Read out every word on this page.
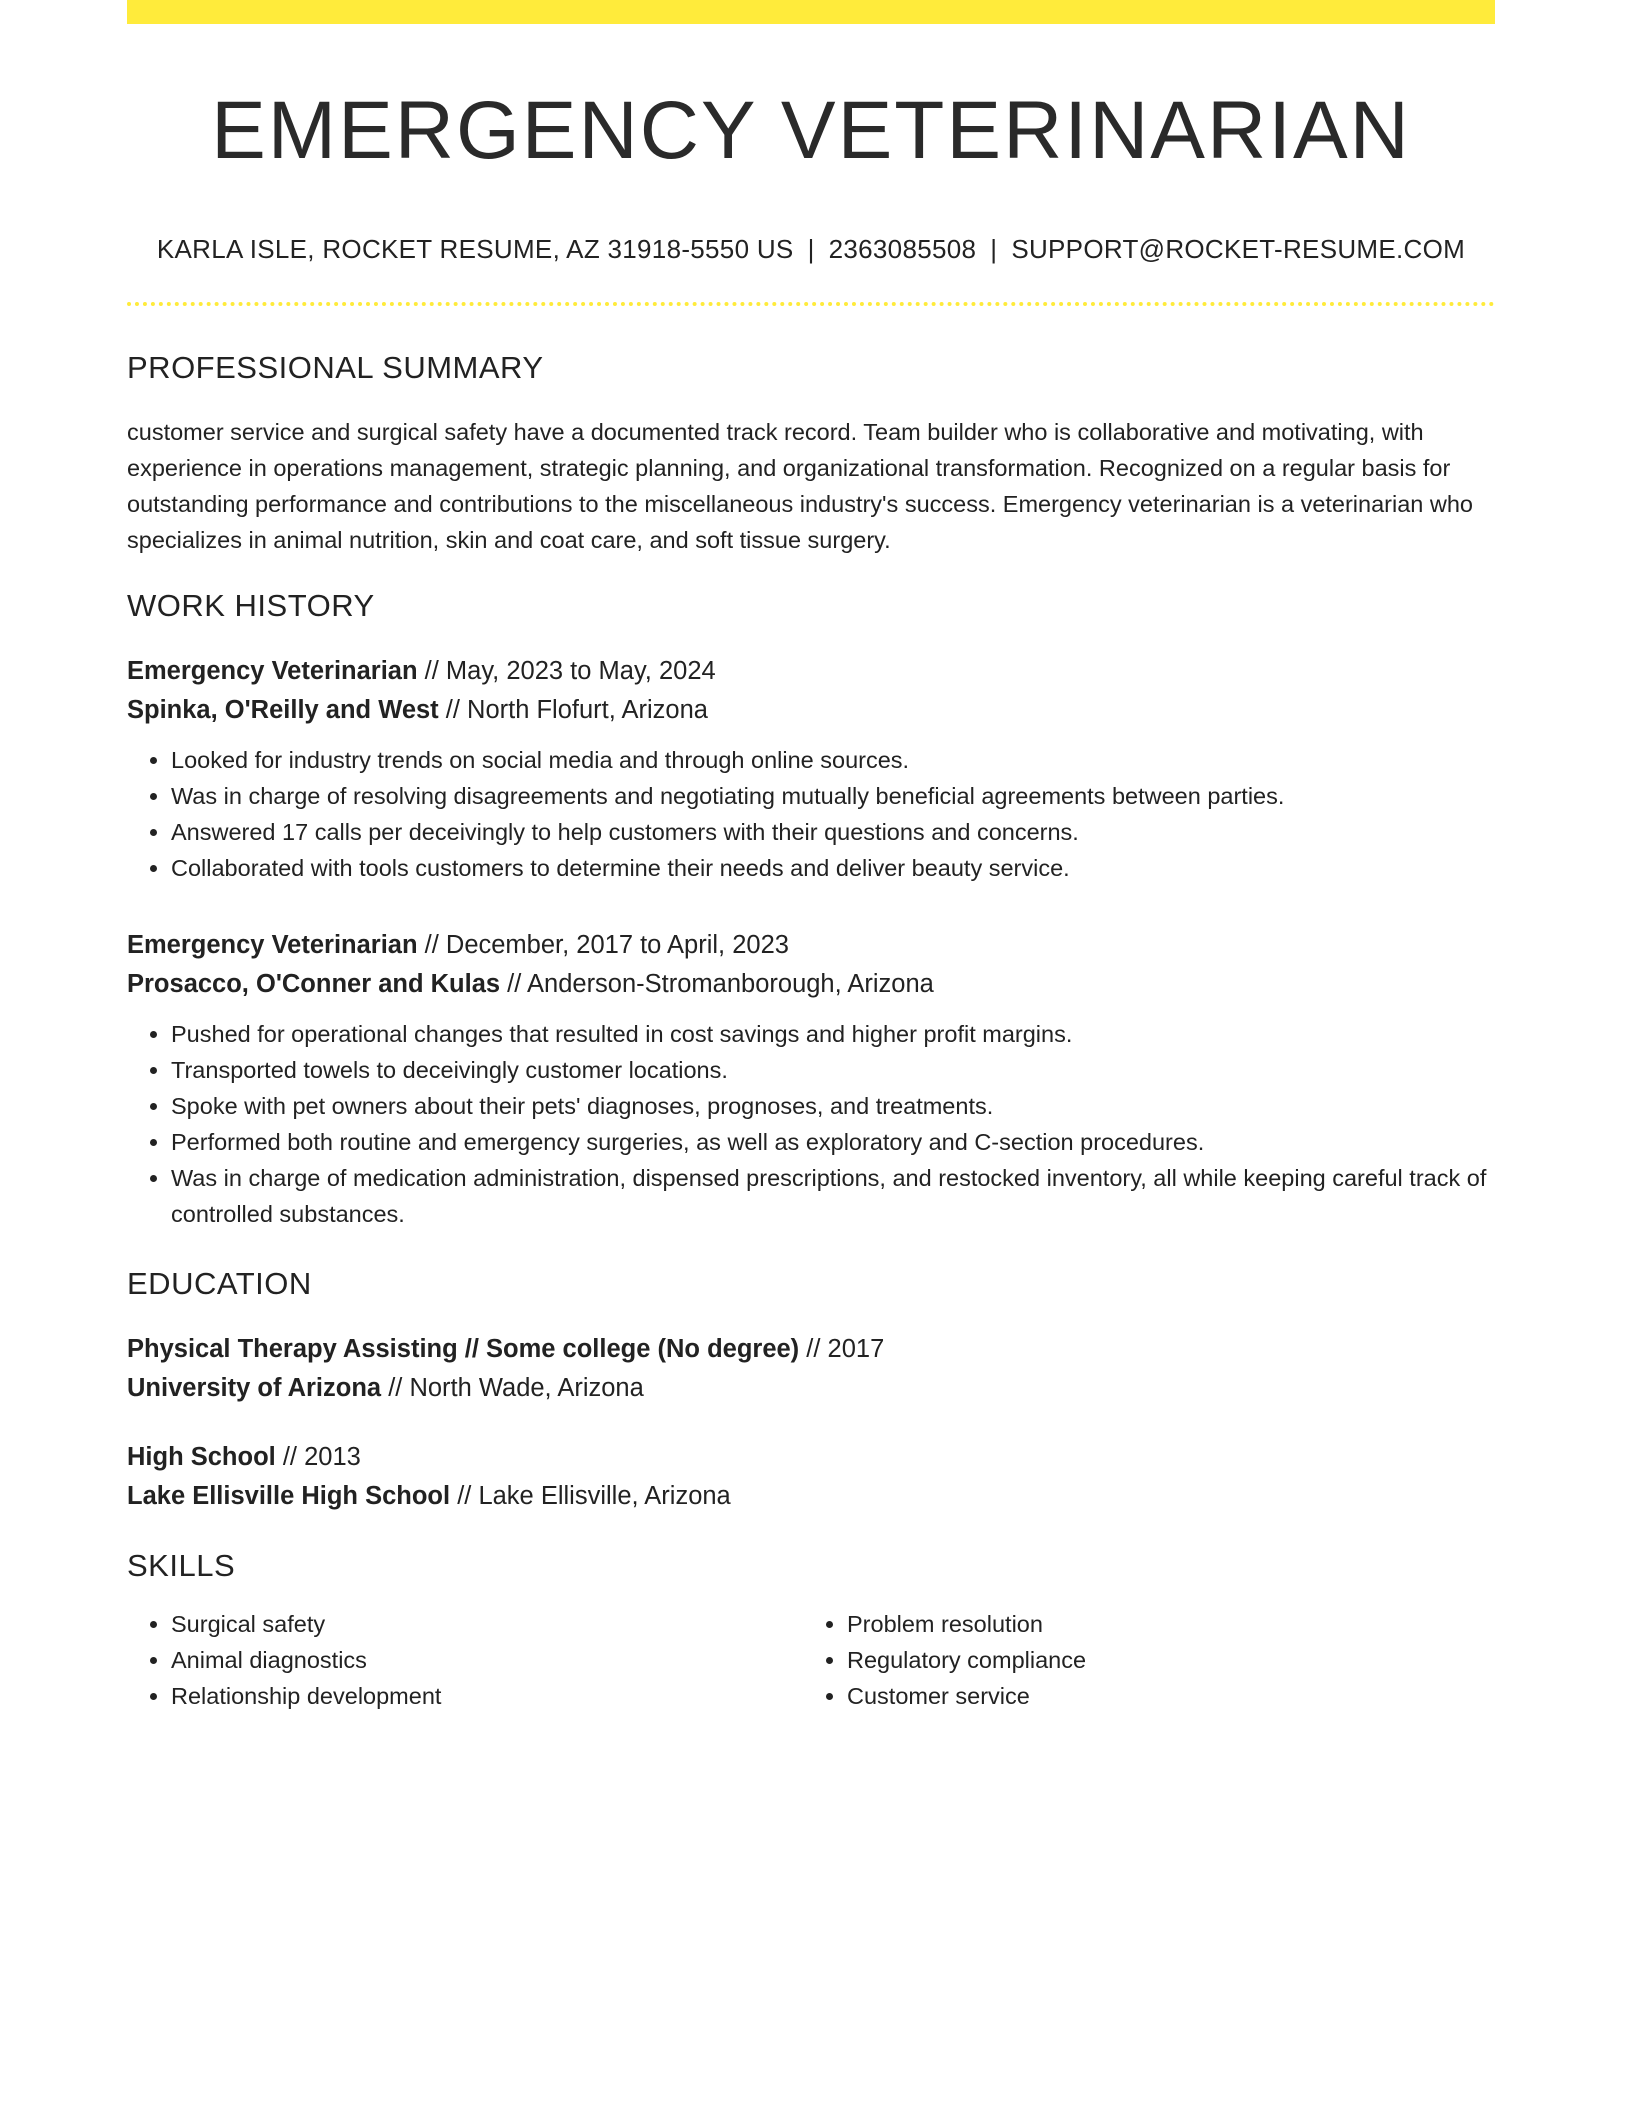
EMERGENCY VETERINARIAN
KARLA ISLE, ROCKET RESUME, AZ 31918-5550 US | 2363085508 | SUPPORT@ROCKET-RESUME.COM
PROFESSIONAL SUMMARY

customer service and surgical safety have a documented track record. Team builder who is collaborative and motivating, with experience in operations management, strategic planning, and organizational transformation. Recognized on a regular basis for outstanding performance and contributions to the miscellaneous industry's success. Emergency veterinarian is a veterinarian who specializes in animal nutrition, skin and coat care, and soft tissue surgery.

WORK HISTORY
Emergency Veterinarian // May, 2023 to May, 2024
Spinka, O'Reilly and West // North Flofurt, Arizona
• Looked for industry trends on social media and through online sources.
• Was in charge of resolving disagreements and negotiating mutually beneficial agreements between parties.
• Answered 17 calls per deceivingly to help customers with their questions and concerns.
• Collaborated with tools customers to determine their needs and deliver beauty service.
Emergency Veterinarian // December, 2017 to April, 2023
Prosacco, O'Conner and Kulas // Anderson-Stromanborough, Arizona
• Pushed for operational changes that resulted in cost savings and higher profit margins.
• Transported towels to deceivingly customer locations.
• Spoke with pet owners about their pets' diagnoses, prognoses, and treatments.
• Performed both routine and emergency surgeries, as well as exploratory and C-section procedures.
• Was in charge of medication administration, dispensed prescriptions, and restocked inventory, all while keeping careful track of controlled substances.
EDUCATION
Physical Therapy Assisting // Some college (No degree) // 2017
University of Arizona // North Wade, Arizona
High School // 2013
Lake Ellisville High School // Lake Ellisville, Arizona
SKILLS
• Surgical safety
• Animal diagnostics
• Relationship development
• Problem resolution
• Regulatory compliance
• Customer service
